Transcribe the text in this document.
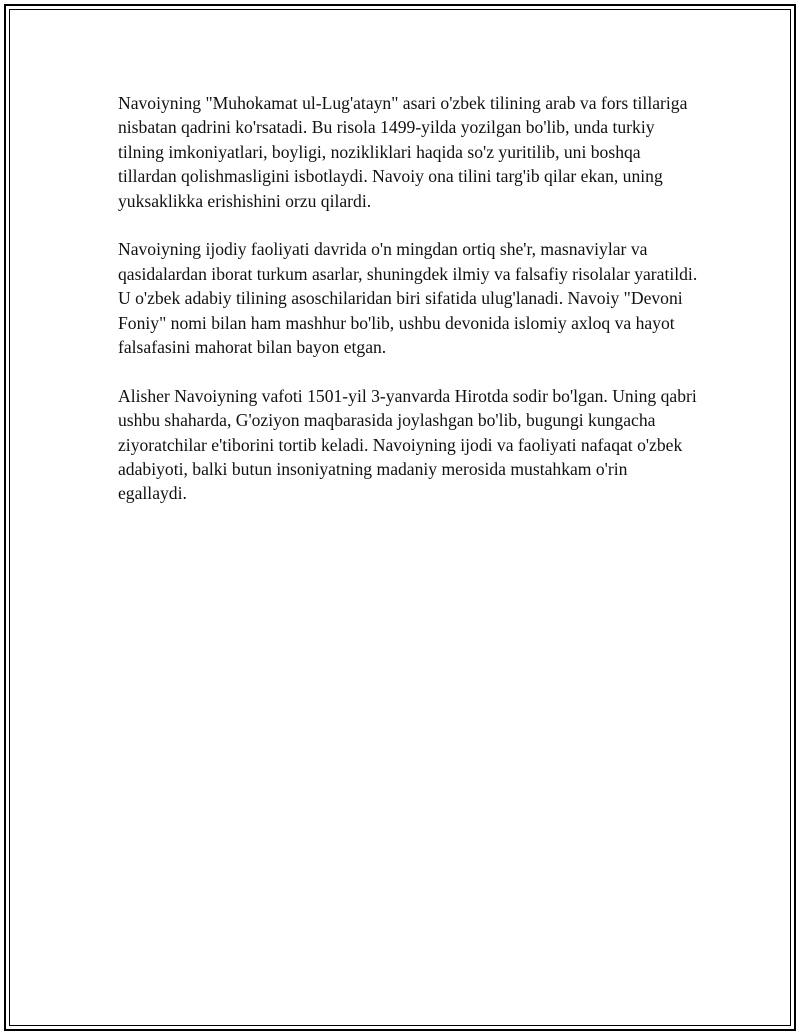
Navoiyning "Muhokamat ul-Lug'atayn" asari o'zbek tilining arab va fors tillariga nisbatan qadrini ko'rsatadi. Bu risola 1499-yilda yozilgan bo'lib, unda turkiy tilning imkoniyatlari, boyligi, nozikliklari haqida so'z yuritilib, uni boshqa tillardan qolishmasligini isbotlaydi. Navoiy ona tilini targ'ib qilar ekan, uning yuksaklikka erishishini orzu qilardi.

Navoiyning ijodiy faoliyati davrida o'n mingdan ortiq she'r, masnaviylar va qasidalardan iborat turkum asarlar, shuningdek ilmiy va falsafiy risolalar yaratildi. U o'zbek adabiy tilining asoschilaridan biri sifatida ulug'lanadi. Navoiy "Devoni Foniy" nomi bilan ham mashhur bo'lib, ushbu devonida islomiy axloq va hayot falsafasini mahorat bilan bayon etgan.

Alisher Navoiyning vafoti 1501-yil 3-yanvarda Hirotda sodir bo'lgan. Uning qabri ushbu shaharda, G'oziyon maqbarasida joylashgan bo'lib, bugungi kungacha ziyoratchilar e'tiborini tortib keladi. Navoiyning ijodi va faoliyati nafaqat o'zbek adabiyoti, balki butun insoniyatning madaniy merosida mustahkam o'rin egallaydi.
